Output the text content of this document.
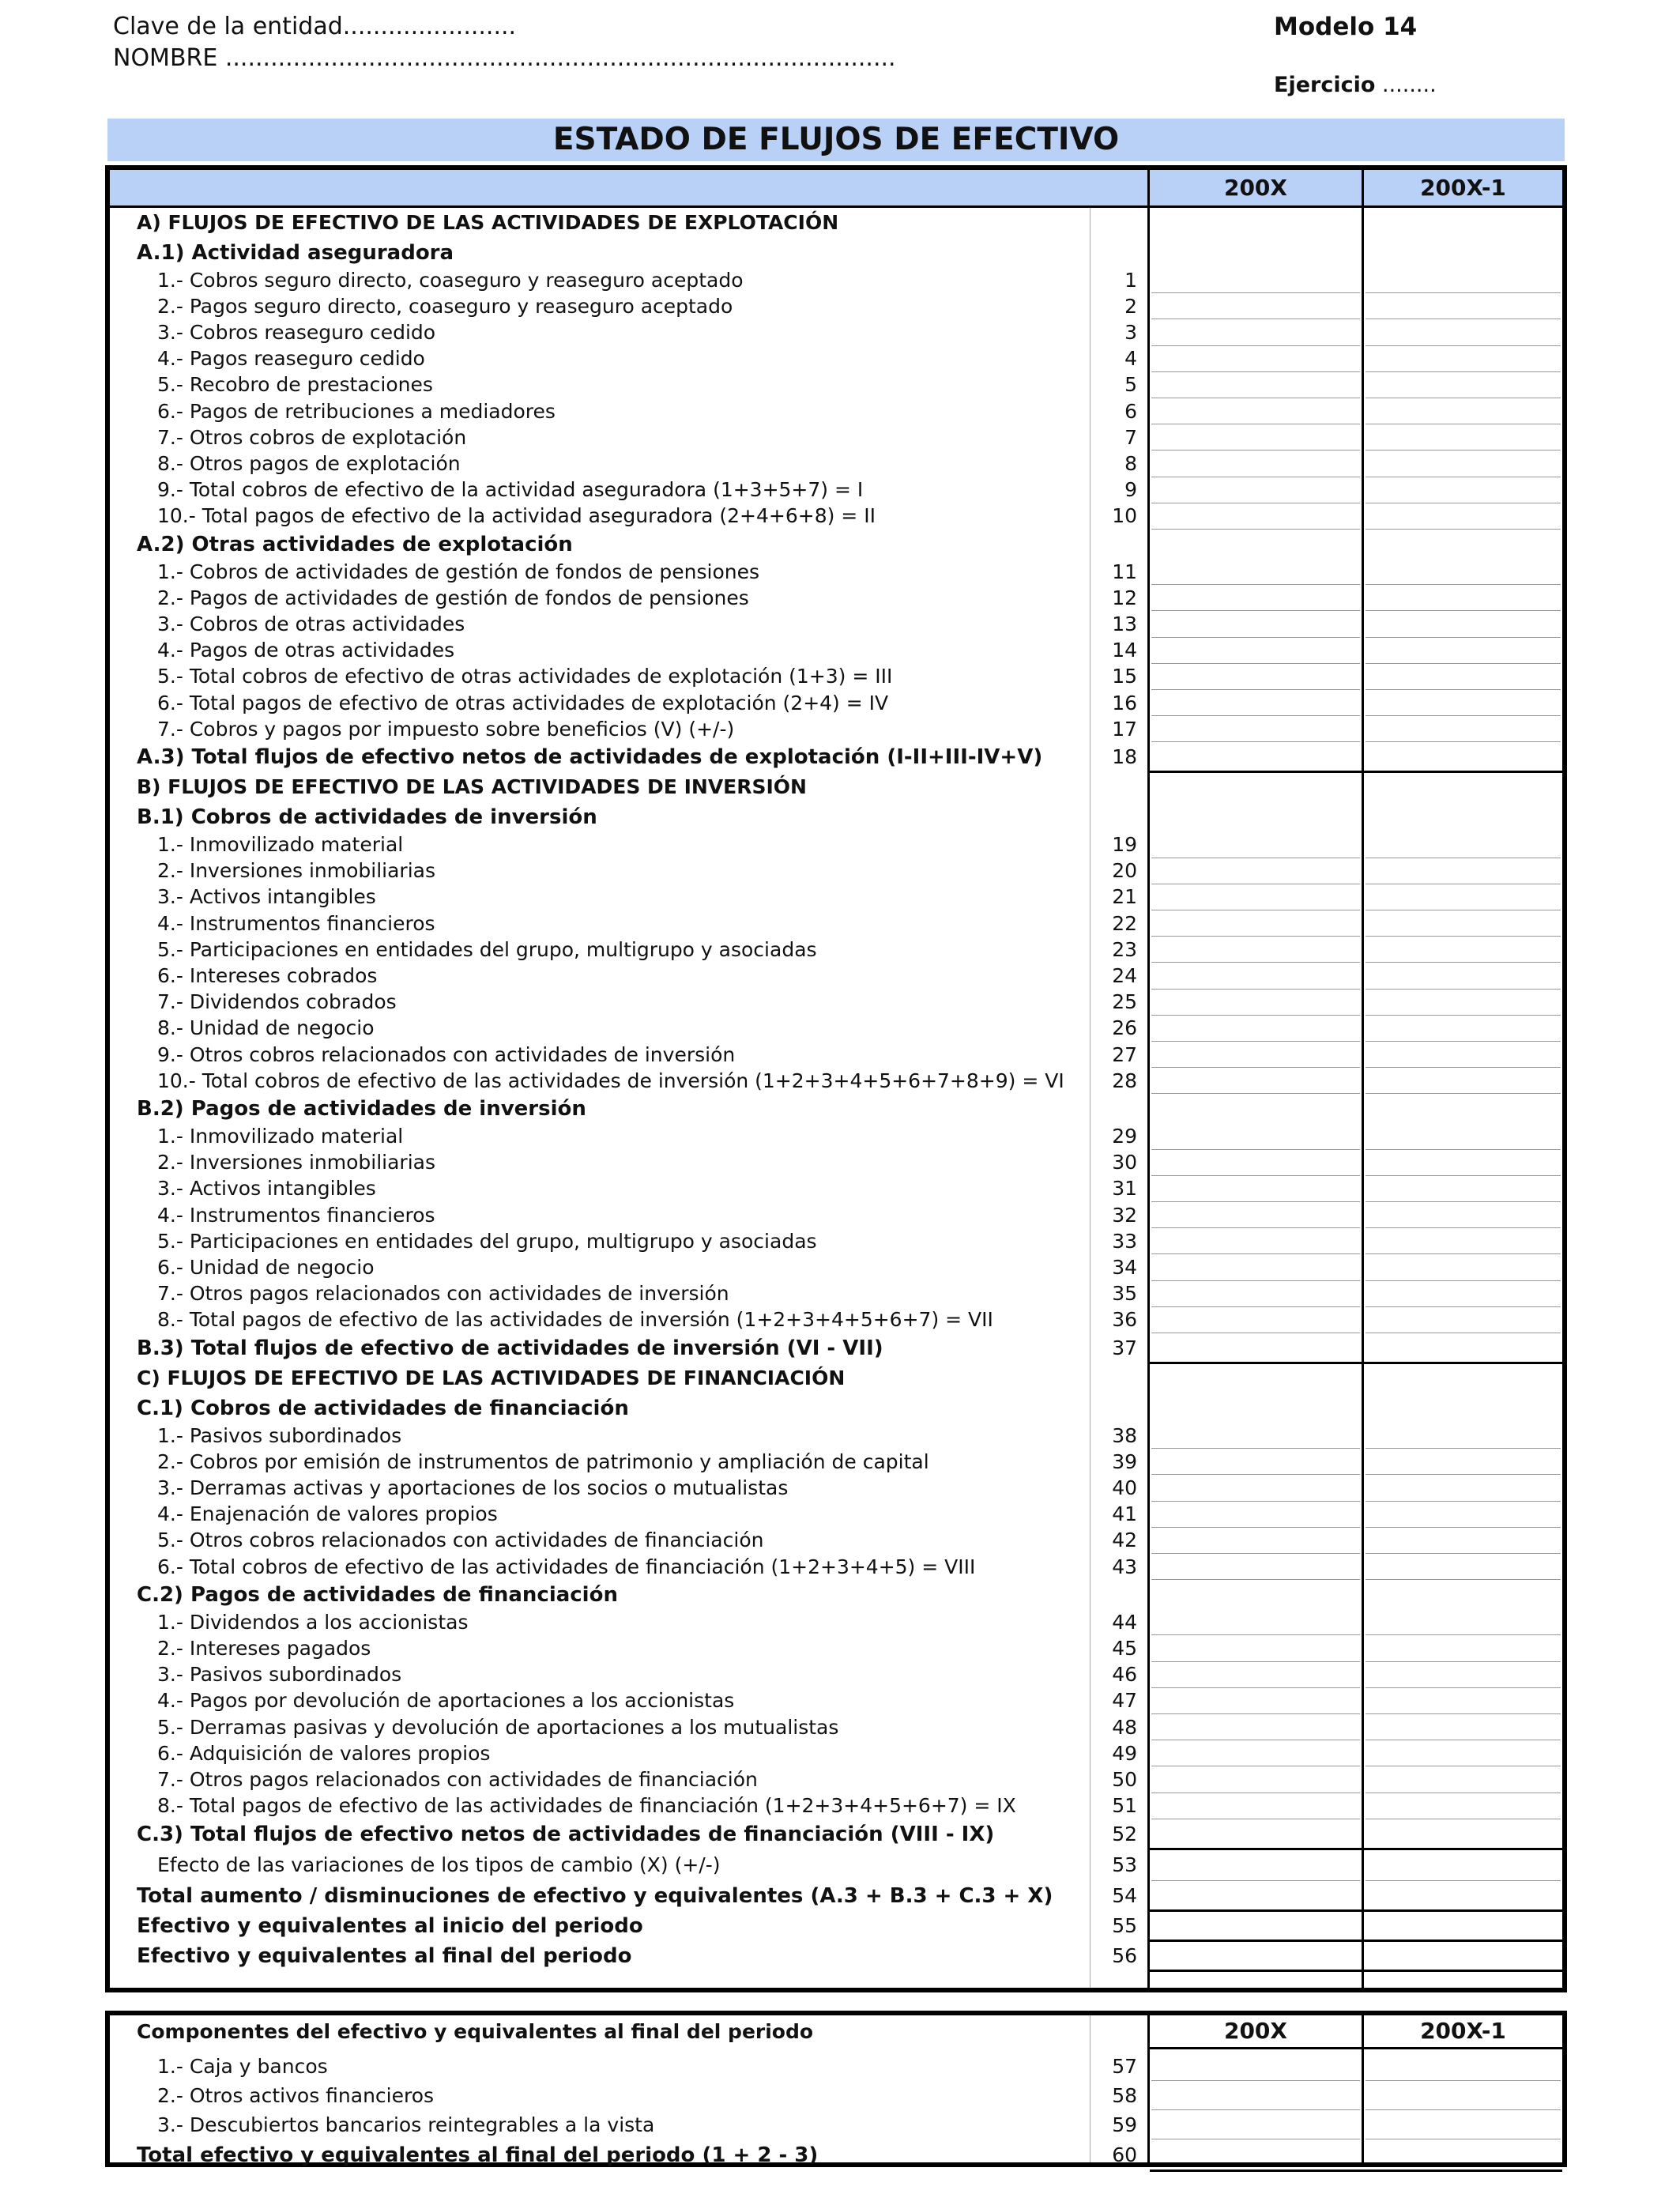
Clave de la entidad.......................
NOMBRE .........................................................................................
Modelo 14
Ejercicio ........
ESTADO DE FLUJOS DE EFECTIVO
200X	200X-1
A) FLUJOS DE EFECTIVO DE LAS ACTIVIDADES DE EXPLOTACIÓN
A.1) Actividad aseguradora
1.- Cobros seguro directo, coaseguro y reaseguro aceptado	1
2.- Pagos seguro directo, coaseguro y reaseguro aceptado	2
3.- Cobros reaseguro cedido	3
4.- Pagos reaseguro cedido	4
5.- Recobro de prestaciones	5
6.- Pagos de retribuciones a mediadores	6
7.- Otros cobros de explotación	7
8.- Otros pagos de explotación	8
9.- Total cobros de efectivo de la actividad aseguradora (1+3+5+7) = I	9
10.- Total pagos de efectivo de la actividad aseguradora (2+4+6+8) = II	10
A.2) Otras actividades de explotación
1.- Cobros de actividades de gestión de fondos de pensiones	11
2.- Pagos de actividades de gestión de fondos de pensiones	12
3.- Cobros de otras actividades	13
4.- Pagos de otras actividades	14
5.- Total cobros de efectivo de otras actividades de explotación (1+3) = III	15
6.- Total pagos de efectivo de otras actividades de explotación (2+4) = IV	16
7.- Cobros y pagos por impuesto sobre beneficios (V) (+/-)	17
A.3) Total flujos de efectivo netos de actividades de explotación (I-II+III-IV+V)	18
B) FLUJOS DE EFECTIVO DE LAS ACTIVIDADES DE INVERSIÓN
B.1) Cobros de actividades de inversión
1.- Inmovilizado material	19
2.- Inversiones inmobiliarias	20
3.- Activos intangibles	21
4.- Instrumentos financieros	22
5.- Participaciones en entidades del grupo, multigrupo y asociadas	23
6.- Intereses cobrados	24
7.- Dividendos cobrados	25
8.- Unidad de negocio	26
9.- Otros cobros relacionados con actividades de inversión	27
10.- Total cobros de efectivo de las actividades de inversión (1+2+3+4+5+6+7+8+9) = VI	28
B.2) Pagos de actividades de inversión
1.- Inmovilizado material	29
2.- Inversiones inmobiliarias	30
3.- Activos intangibles	31
4.- Instrumentos financieros	32
5.- Participaciones en entidades del grupo, multigrupo y asociadas	33
6.- Unidad de negocio	34
7.- Otros pagos relacionados con actividades de inversión	35
8.- Total pagos de efectivo de las actividades de inversión (1+2+3+4+5+6+7) = VII	36
B.3) Total flujos de efectivo de actividades de inversión (VI - VII)	37
C) FLUJOS DE EFECTIVO DE LAS ACTIVIDADES DE FINANCIACIÓN
C.1) Cobros de actividades de financiación
1.- Pasivos subordinados	38
2.- Cobros por emisión de instrumentos de patrimonio y ampliación de capital	39
3.- Derramas activas y aportaciones de los socios o mutualistas	40
4.- Enajenación de valores propios	41
5.- Otros cobros relacionados con actividades de financiación	42
6.- Total cobros de efectivo de las actividades de financiación (1+2+3+4+5) = VIII	43
C.2) Pagos de actividades de financiación
1.- Dividendos a los accionistas	44
2.- Intereses pagados	45
3.- Pasivos subordinados	46
4.- Pagos por devolución de aportaciones a los accionistas	47
5.- Derramas pasivas y devolución de aportaciones a los mutualistas	48
6.- Adquisición de valores propios	49
7.- Otros pagos relacionados con actividades de financiación	50
8.- Total pagos de efectivo de las actividades de financiación (1+2+3+4+5+6+7) = IX	51
C.3) Total flujos de efectivo netos de actividades de financiación (VIII - IX)	52
Efecto de las variaciones de los tipos de cambio (X) (+/-)	53
Total aumento / disminuciones de efectivo y equivalentes (A.3 + B.3 + C.3 + X)	54
Efectivo y equivalentes al inicio del periodo	55
Efectivo y equivalentes al final del periodo	56
Componentes del efectivo y equivalentes al final del periodo	200X	200X-1
1.- Caja y bancos	57
2.- Otros activos financieros	58
3.- Descubiertos bancarios reintegrables a la vista	59
Total efectivo y equivalentes al final del periodo (1 + 2 - 3)	60
